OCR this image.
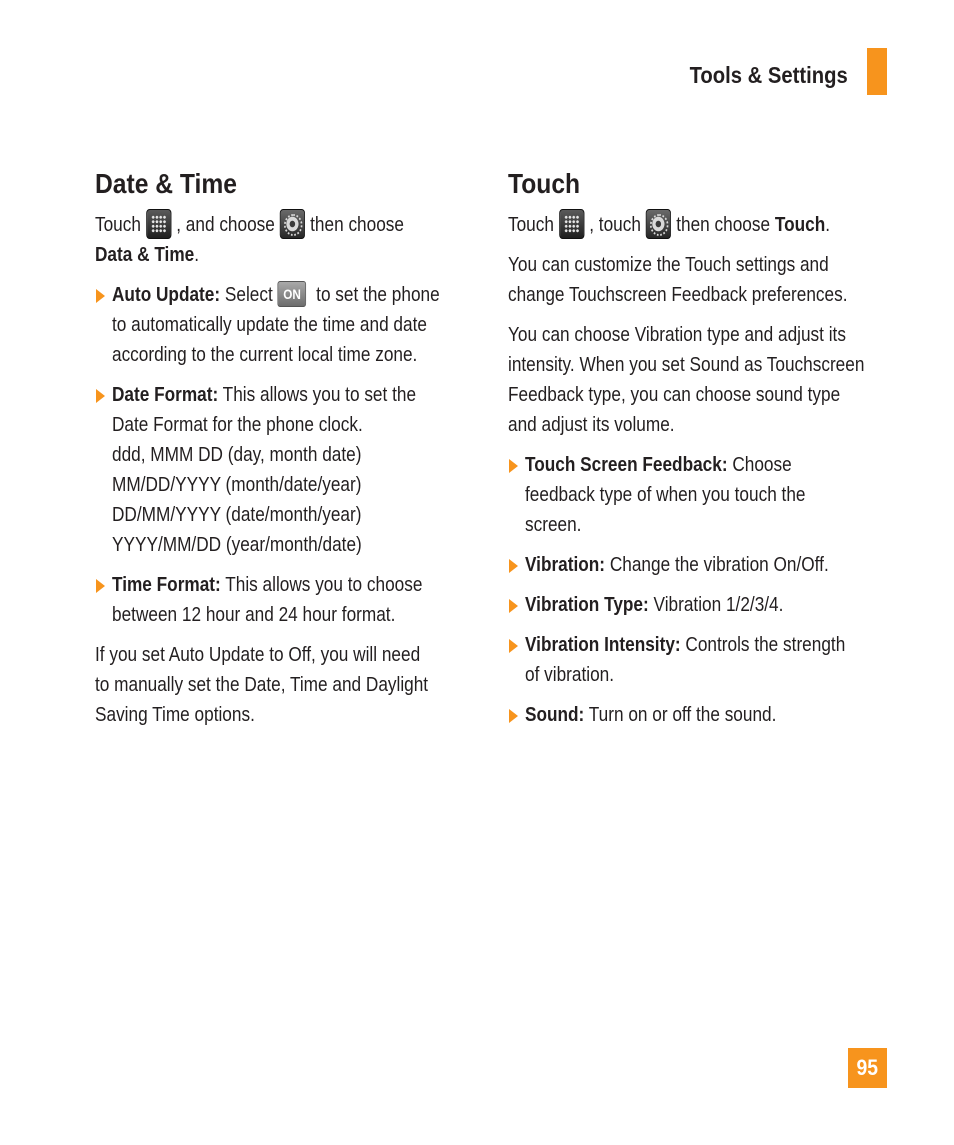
Tools & Settings
Date & Time
Touch , and choose then choose
Data & Time.
Auto Update: Select ON to set the phone
to automatically update the time and date
according to the current local time zone.
Date Format: This allows you to set the
Date Format for the phone clock.
ddd, MMM DD (day, month date)
MM/DD/YYYY (month/date/year)
DD/MM/YYYY (date/month/year)
YYYY/MM/DD (year/month/date)
Time Format: This allows you to choose
between 12 hour and 24 hour format.
If you set Auto Update to Off, you will need
to manually set the Date, Time and Daylight
Saving Time options.
Touch
Touch , touch then choose Touch.
You can customize the Touch settings and
change Touchscreen Feedback preferences.
You can choose Vibration type and adjust its
intensity. When you set Sound as Touchscreen
Feedback type, you can choose sound type
and adjust its volume.
Touch Screen Feedback: Choose
feedback type of when you touch the
screen.
Vibration: Change the vibration On/Off.
Vibration Type: Vibration 1/2/3/4.
Vibration Intensity: Controls the strength
of vibration.
Sound: Turn on or off the sound.
95
